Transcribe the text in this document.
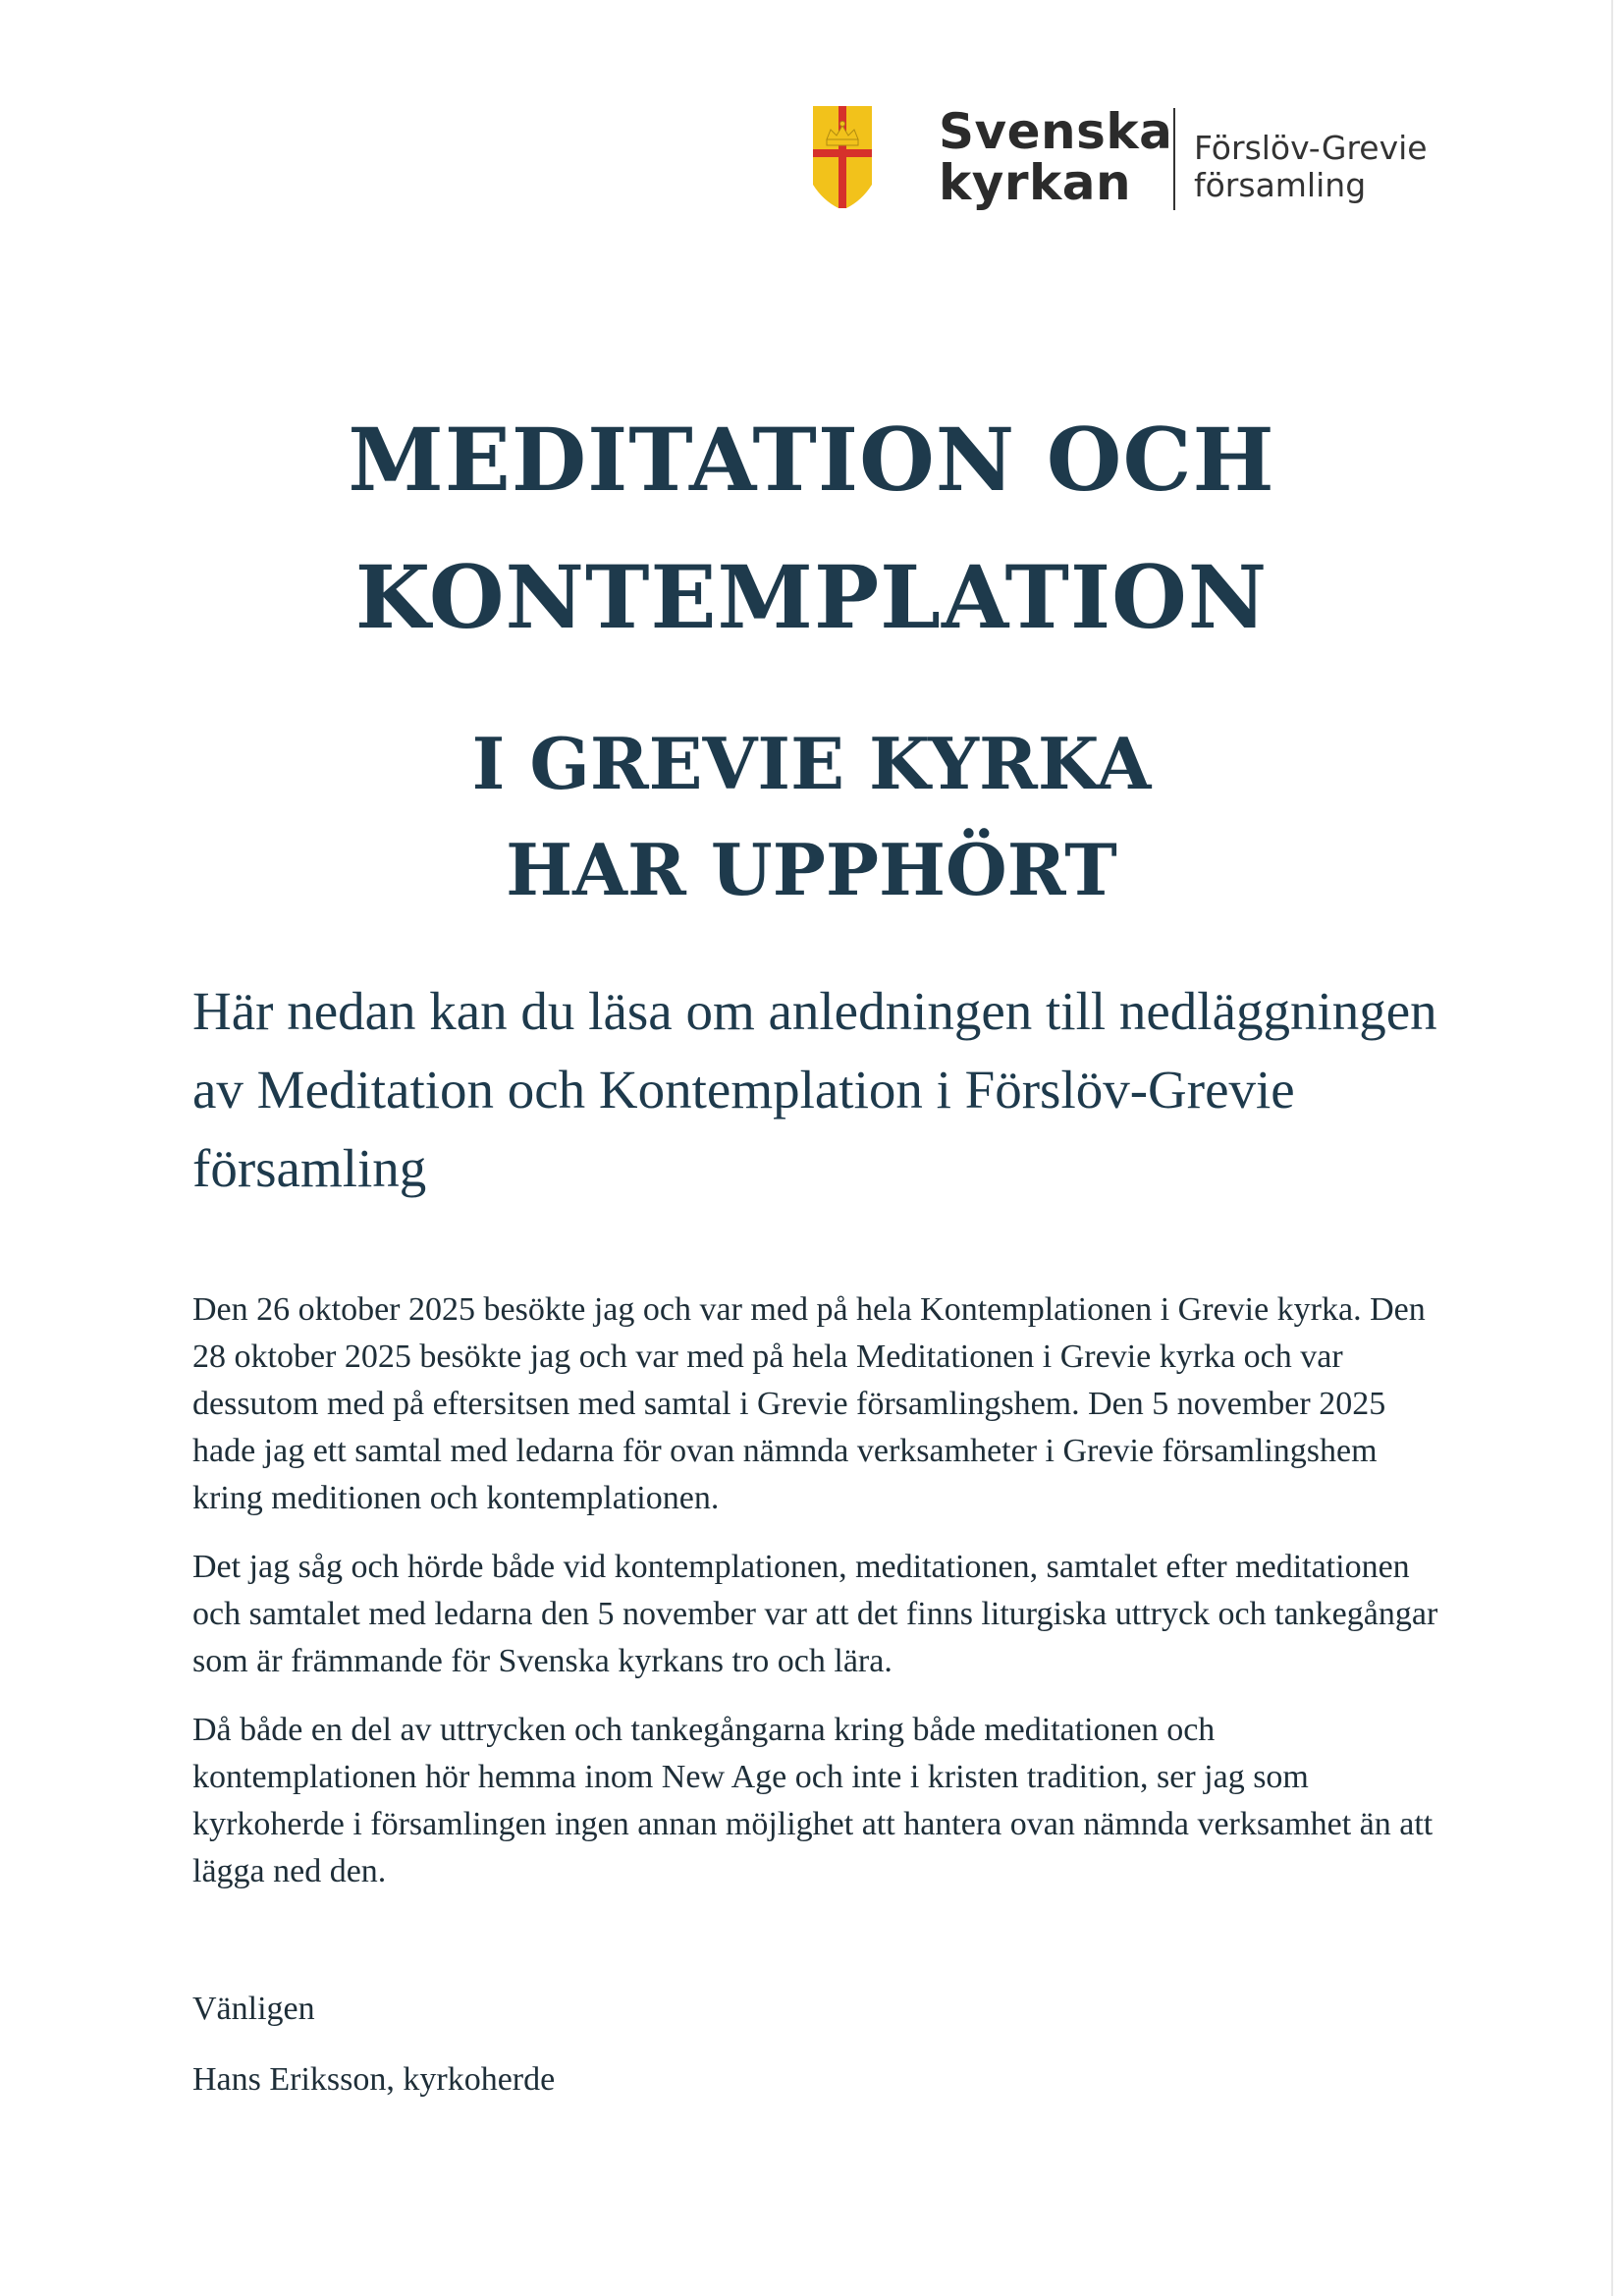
Svenska
kyrkan
Förslöv-Grevie
församling
MEDITATION OCH
KONTEMPLATION
I GREVIE KYRKA
HAR UPPHÖRT
Här nedan kan du läsa om anledningen till nedläggningen av Meditation och Kontemplation i Förslöv-Grevie församling

Den 26 oktober 2025 besökte jag och var med på hela Kontemplationen i Grevie kyrka. Den 28 oktober 2025 besökte jag och var med på hela Meditationen i Grevie kyrka och var dessutom med på eftersitsen med samtal i Grevie församlingshem. Den 5 november 2025 hade jag ett samtal med ledarna för ovan nämnda verksamheter i Grevie församlingshem kring meditionen och kontemplationen.

Det jag såg och hörde både vid kontemplationen, meditationen, samtalet efter meditationen och samtalet med ledarna den 5 november var att det finns liturgiska uttryck och tankegångar som är främmande för Svenska kyrkans tro och lära.

Då både en del av uttrycken och tankegångarna kring både meditationen och kontemplationen hör hemma inom New Age och inte i kristen tradition, ser jag som kyrkoherde i församlingen ingen annan möjlighet att hantera ovan nämnda verksamhet än att lägga ned den.

Vänligen
Hans Eriksson, kyrkoherde
